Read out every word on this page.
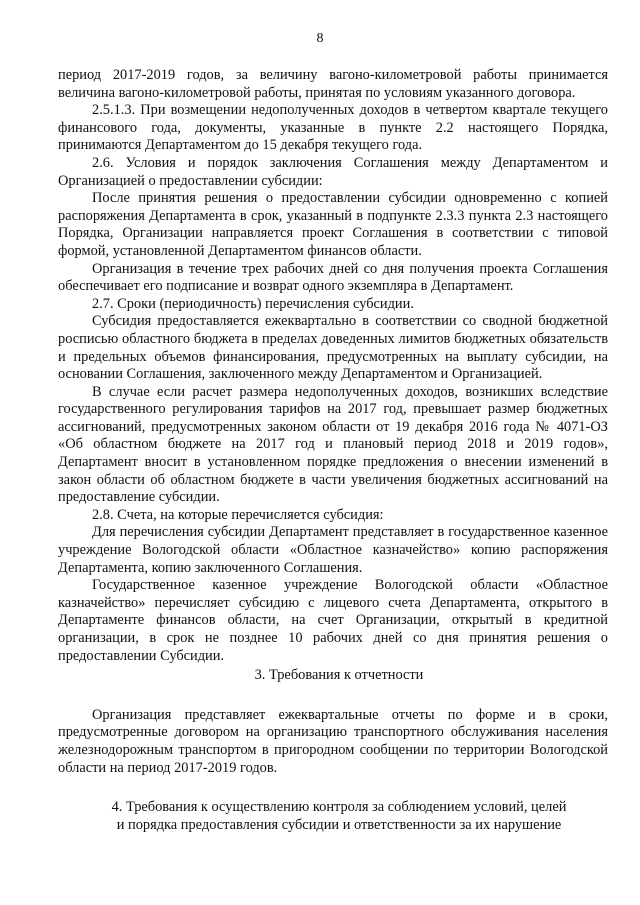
8

период 2017-2019 годов, за величину вагоно-километровой работы принимается величина вагоно-километровой работы, принятая по условиям указанного договора.

2.5.1.3. При возмещении недополученных доходов в четвертом квартале текущего финансового года, документы, указанные в пункте 2.2 настоящего Порядка, принимаются Департаментом до 15 декабря текущего года.

2.6. Условия и порядок заключения Соглашения между Департаментом и Организацией о предоставлении субсидии:

После принятия решения о предоставлении субсидии одновременно с копией распоряжения Департамента в срок, указанный в подпункте 2.3.3 пункта 2.3 настоящего Порядка, Организации направляется проект Соглашения в соответствии с типовой формой, установленной Департаментом финансов области.

Организация в течение трех рабочих дней со дня получения проекта Соглашения обеспечивает его подписание и возврат одного экземпляра в Департамент.

2.7. Сроки (периодичность) перечисления субсидии.

Субсидия предоставляется ежеквартально в соответствии со сводной бюджетной росписью областного бюджета в пределах доведенных лимитов бюджетных обязательств и предельных объемов финансирования, предусмотренных на выплату субсидии, на основании Соглашения, заключенного между Департаментом и Организацией.

В случае если расчет размера недополученных доходов, возникших вследствие государственного регулирования тарифов на 2017 год, превышает размер бюджетных ассигнований, предусмотренных законом области от 19 декабря 2016 года № 4071-ОЗ «Об областном бюджете на 2017 год и плановый период 2018 и 2019 годов», Департамент вносит в установленном порядке предложения о внесении изменений в закон области об областном бюджете в части увеличения бюджетных ассигнований на предоставление субсидии.

2.8. Счета, на которые перечисляется субсидия:

Для перечисления субсидии Департамент представляет в государственное казенное учреждение Вологодской области «Областное казначейство» копию распоряжения Департамента, копию заключенного Соглашения.

Государственное казенное учреждение Вологодской области «Областное казначейство» перечисляет субсидию с лицевого счета Департамента, открытого в Департаменте финансов области, на счет Организации, открытый в кредитной организации, в срок не позднее 10 рабочих дней со дня принятия решения о предоставлении Субсидии.

3. Требования к отчетности

Организация представляет ежеквартальные отчеты по форме и в сроки, предусмотренные договором на организацию транспортного обслуживания населения железнодорожным транспортом в пригородном сообщении по территории Вологодской области на период 2017-2019 годов.

4. Требования к осуществлению контроля за соблюдением условий, целей

и порядка предоставления субсидии и ответственности за их нарушение
